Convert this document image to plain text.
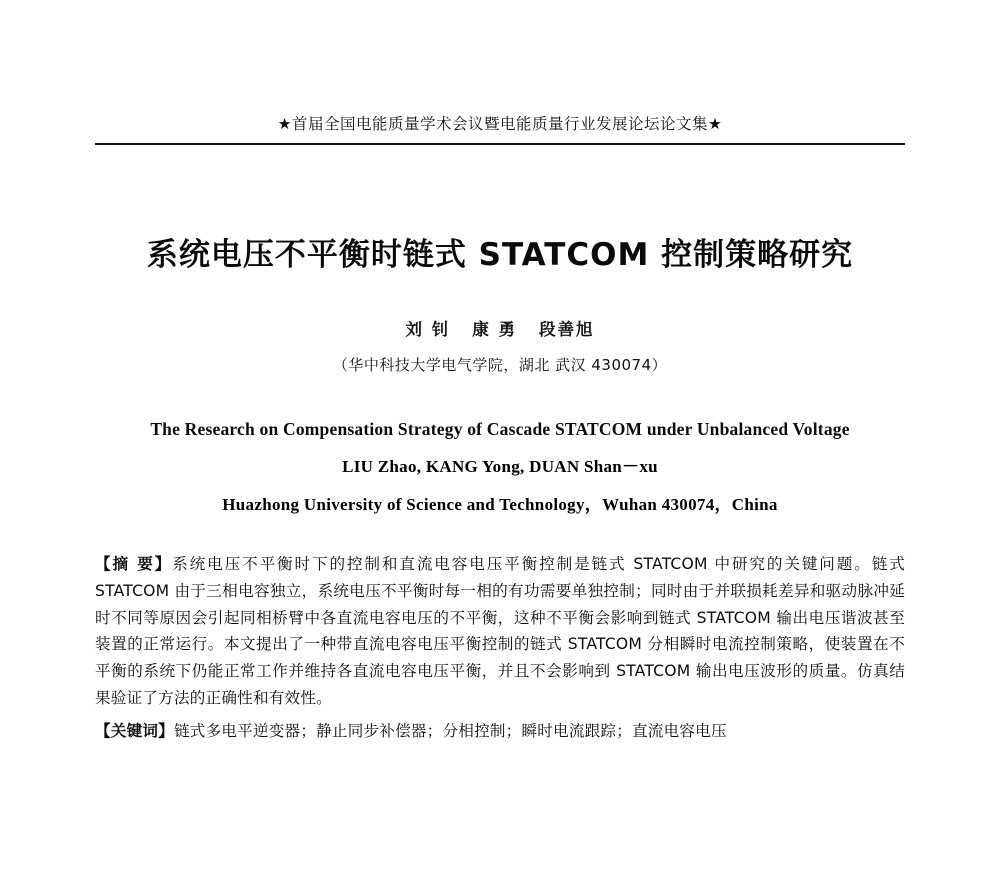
★首届全国电能质量学术会议暨电能质量行业发展论坛论文集★
系统电压不平衡时链式 STATCOM 控制策略研究
刘 钊 康 勇 段善旭
（华中科技大学电气学院，湖北 武汉 430074）
The Research on Compensation Strategy of Cascade STATCOM under Unbalanced Voltage
LIU Zhao, KANG Yong, DUAN Shan－xu
Huazhong University of Science and Technology，Wuhan 430074，China
【摘 要】系统电压不平衡时下的控制和直流电容电压平衡控制是链式 STATCOM 中研究的关键问题。链式 STATCOM 由于三相电容独立，系统电压不平衡时每一相的有功需要单独控制；同时由于并联损耗差异和驱动脉冲延时不同等原因会引起同相桥臂中各直流电容电压的不平衡，这种不平衡会影响到链式 STATCOM 输出电压谐波甚至装置的正常运行。本文提出了一种带直流电容电压平衡控制的链式 STATCOM 分相瞬时电流控制策略，使装置在不平衡的系统下仍能正常工作并维持各直流电容电压平衡，并且不会影响到 STATCOM 输出电压波形的质量。仿真结果验证了方法的正确性和有效性。
【关键词】链式多电平逆变器；静止同步补偿器；分相控制；瞬时电流跟踪；直流电容电压
